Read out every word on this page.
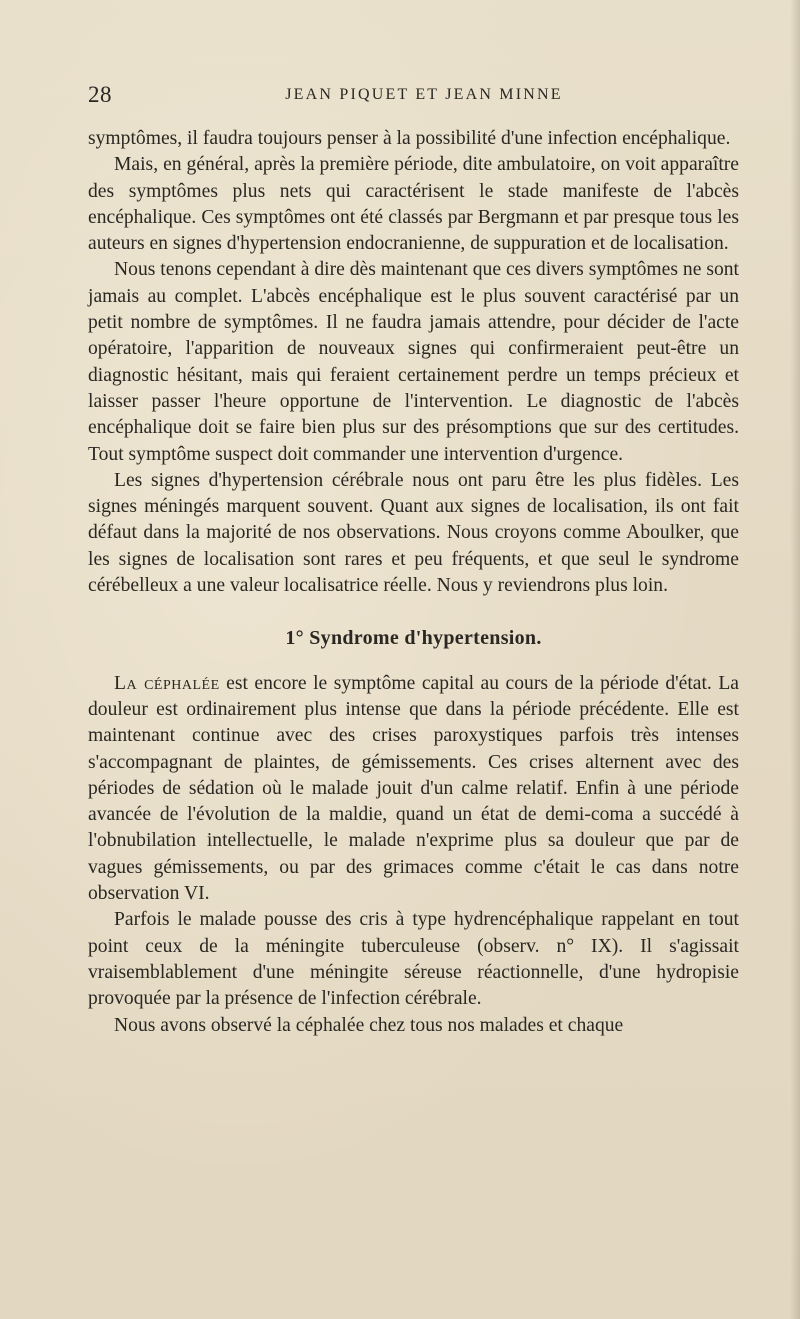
28	JEAN PIQUET ET JEAN MINNE

symptômes, il faudra toujours penser à la possibilité d'une infection encéphalique.

Mais, en général, après la première période, dite ambulatoire, on voit apparaître des symptômes plus nets qui caractérisent le stade manifeste de l'abcès encéphalique. Ces symptômes ont été classés par Bergmann et par presque tous les auteurs en signes d'hypertension endocranienne, de suppuration et de localisation.

Nous tenons cependant à dire dès maintenant que ces divers symptômes ne sont jamais au complet. L'abcès encéphalique est le plus souvent caractérisé par un petit nombre de symptômes. Il ne faudra jamais attendre, pour décider de l'acte opératoire, l'apparition de nouveaux signes qui confirmeraient peut-être un diagnostic hésitant, mais qui feraient certainement perdre un temps précieux et laisser passer l'heure opportune de l'intervention. Le diagnostic de l'abcès encéphalique doit se faire bien plus sur des présomptions que sur des certitudes. Tout symptôme suspect doit commander une intervention d'urgence.

Les signes d'hypertension cérébrale nous ont paru être les plus fidèles. Les signes méningés marquent souvent. Quant aux signes de localisation, ils ont fait défaut dans la majorité de nos observations. Nous croyons comme Aboulker, que les signes de localisation sont rares et peu fréquents, et que seul le syndrome cérébelleux a une valeur localisatrice réelle. Nous y reviendrons plus loin.

1° Syndrome d'hypertension.

La céphalée est encore le symptôme capital au cours de la période d'état. La douleur est ordinairement plus intense que dans la période précédente. Elle est maintenant continue avec des crises paroxystiques parfois très intenses s'accompagnant de plaintes, de gémissements. Ces crises alternent avec des périodes de sédation où le malade jouit d'un calme relatif. Enfin à une période avancée de l'évolution de la maldie, quand un état de demi-coma a succédé à l'obnubilation intellectuelle, le malade n'exprime plus sa douleur que par de vagues gémissements, ou par des grimaces comme c'était le cas dans notre observation VI.

Parfois le malade pousse des cris à type hydrencéphalique rappelant en tout point ceux de la méningite tuberculeuse (observ. n° IX). Il s'agissait vraisemblablement d'une méningite séreuse réactionnelle, d'une hydropisie provoquée par la présence de l'infection cérébrale.

Nous avons observé la céphalée chez tous nos malades et chaque
